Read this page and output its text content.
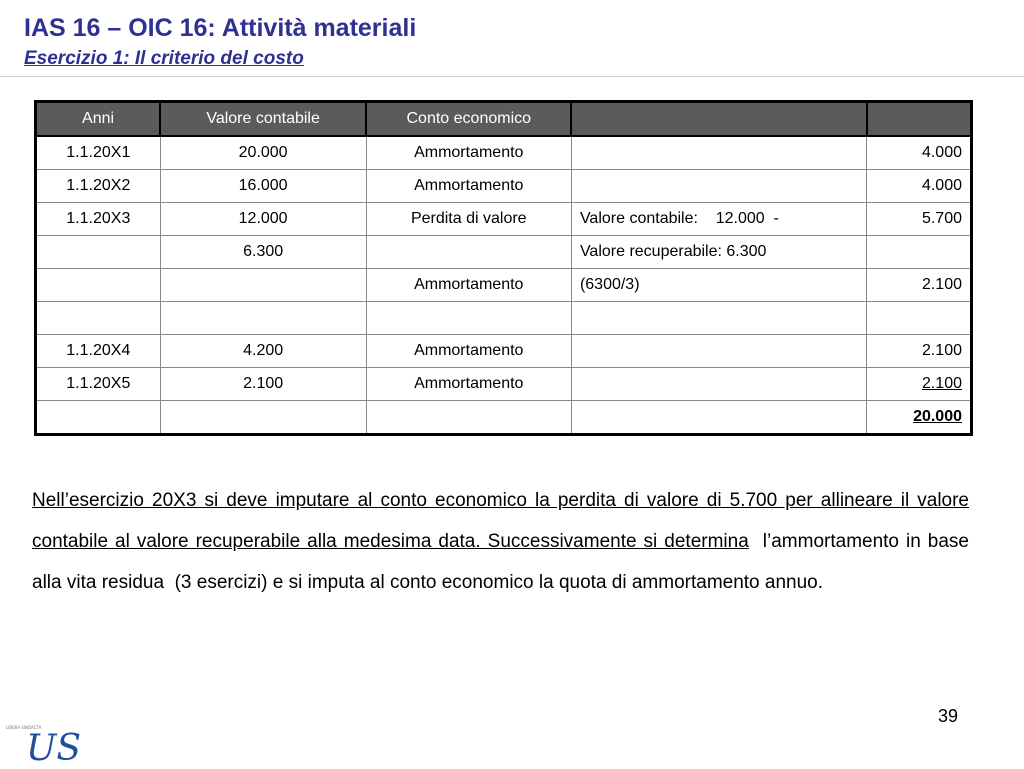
IAS 16 – OIC 16: Attività materiali
Esercizio 1: Il criterio del costo
Anni	Valore contabile	Conto economico		
1.1.20X1	20.000	Ammortamento		4.000
1.1.20X2	16.000	Ammortamento		4.000
1.1.20X3	12.000	Perdita di valore	Valore contabile:    12.000  -	5.700
	6.300		Valore recuperabile: 6.300	
		Ammortamento	(6300/3)	2.100

1.1.20X4	4.200	Ammortamento		2.100
1.1.20X5	2.100	Ammortamento		2.100
				20.000
Nell’esercizio 20X3 si deve imputare al conto economico la perdita di valore di 5.700 per allineare il valore contabile al valore recuperabile alla medesima data. Successivamente si determina  l’ammortamento in base alla vita residua  (3 esercizi) e si imputa al conto economico la quota di ammortamento annuo.
39
LIBERA SINDACTA
US
